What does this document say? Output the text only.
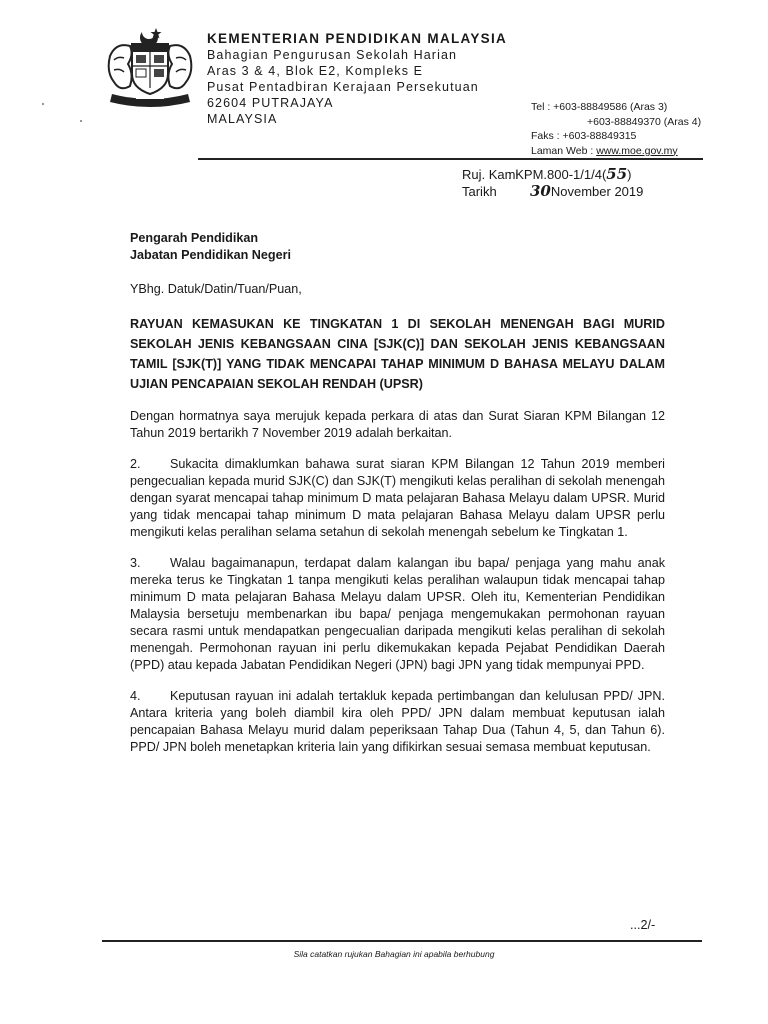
KEMENTERIAN PENDIDIKAN MALAYSIA

Bahagian Pengurusan Sekolah Harian

Aras 3 & 4, Blok E2, Kompleks E

Pusat Pentadbiran Kerajaan Persekutuan

62604 PUTRAJAYA

MALAYSIA

Tel : +603-88849586 (Aras 3)

+603-88849370 (Aras 4)

Faks : +603-88849315

Laman Web : www.moe.gov.my

Ruj. Kami: KPM.800-1/1/4(55)

Tarikh 30November 2019

Pengarah Pendidikan

Jabatan Pendidikan Negeri

YBhg. Datuk/Datin/Tuan/Puan,

RAYUAN KEMASUKAN KE TINGKATAN 1 DI SEKOLAH MENENGAH BAGI MURID SEKOLAH JENIS KEBANGSAAN CINA [SJK(C)] DAN SEKOLAH JENIS KEBANGSAAN TAMIL [SJK(T)] YANG TIDAK MENCAPAI TAHAP MINIMUM D BAHASA MELAYU DALAM UJIAN PENCAPAIAN SEKOLAH RENDAH (UPSR)

Dengan hormatnya saya merujuk kepada perkara di atas dan Surat Siaran KPM Bilangan 12 Tahun 2019 bertarikh 7 November 2019 adalah berkaitan.

2. Sukacita dimaklumkan bahawa surat siaran KPM Bilangan 12 Tahun 2019 memberi pengecualian kepada murid SJK(C) dan SJK(T) mengikuti kelas peralihan di sekolah menengah dengan syarat mencapai tahap minimum D mata pelajaran Bahasa Melayu dalam UPSR. Murid yang tidak mencapai tahap minimum D mata pelajaran Bahasa Melayu dalam UPSR perlu mengikuti kelas peralihan selama setahun di sekolah menengah sebelum ke Tingkatan 1.

3. Walau bagaimanapun, terdapat dalam kalangan ibu bapa/ penjaga yang mahu anak mereka terus ke Tingkatan 1 tanpa mengikuti kelas peralihan walaupun tidak mencapai tahap minimum D mata pelajaran Bahasa Melayu dalam UPSR. Oleh itu, Kementerian Pendidikan Malaysia bersetuju membenarkan ibu bapa/ penjaga mengemukakan permohonan rayuan secara rasmi untuk mendapatkan pengecualian daripada mengikuti kelas peralihan di sekolah menengah. Permohonan rayuan ini perlu dikemukakan kepada Pejabat Pendidikan Daerah (PPD) atau kepada Jabatan Pendidikan Negeri (JPN) bagi JPN yang tidak mempunyai PPD.

4. Keputusan rayuan ini adalah tertakluk kepada pertimbangan dan kelulusan PPD/ JPN. Antara kriteria yang boleh diambil kira oleh PPD/ JPN dalam membuat keputusan ialah pencapaian Bahasa Melayu murid dalam peperiksaan Tahap Dua (Tahun 4, 5, dan Tahun 6). PPD/ JPN boleh menetapkan kriteria lain yang difikirkan sesuai semasa membuat keputusan.

...2/-
Sila catatkan rujukan Bahagian ini apabila berhubung
